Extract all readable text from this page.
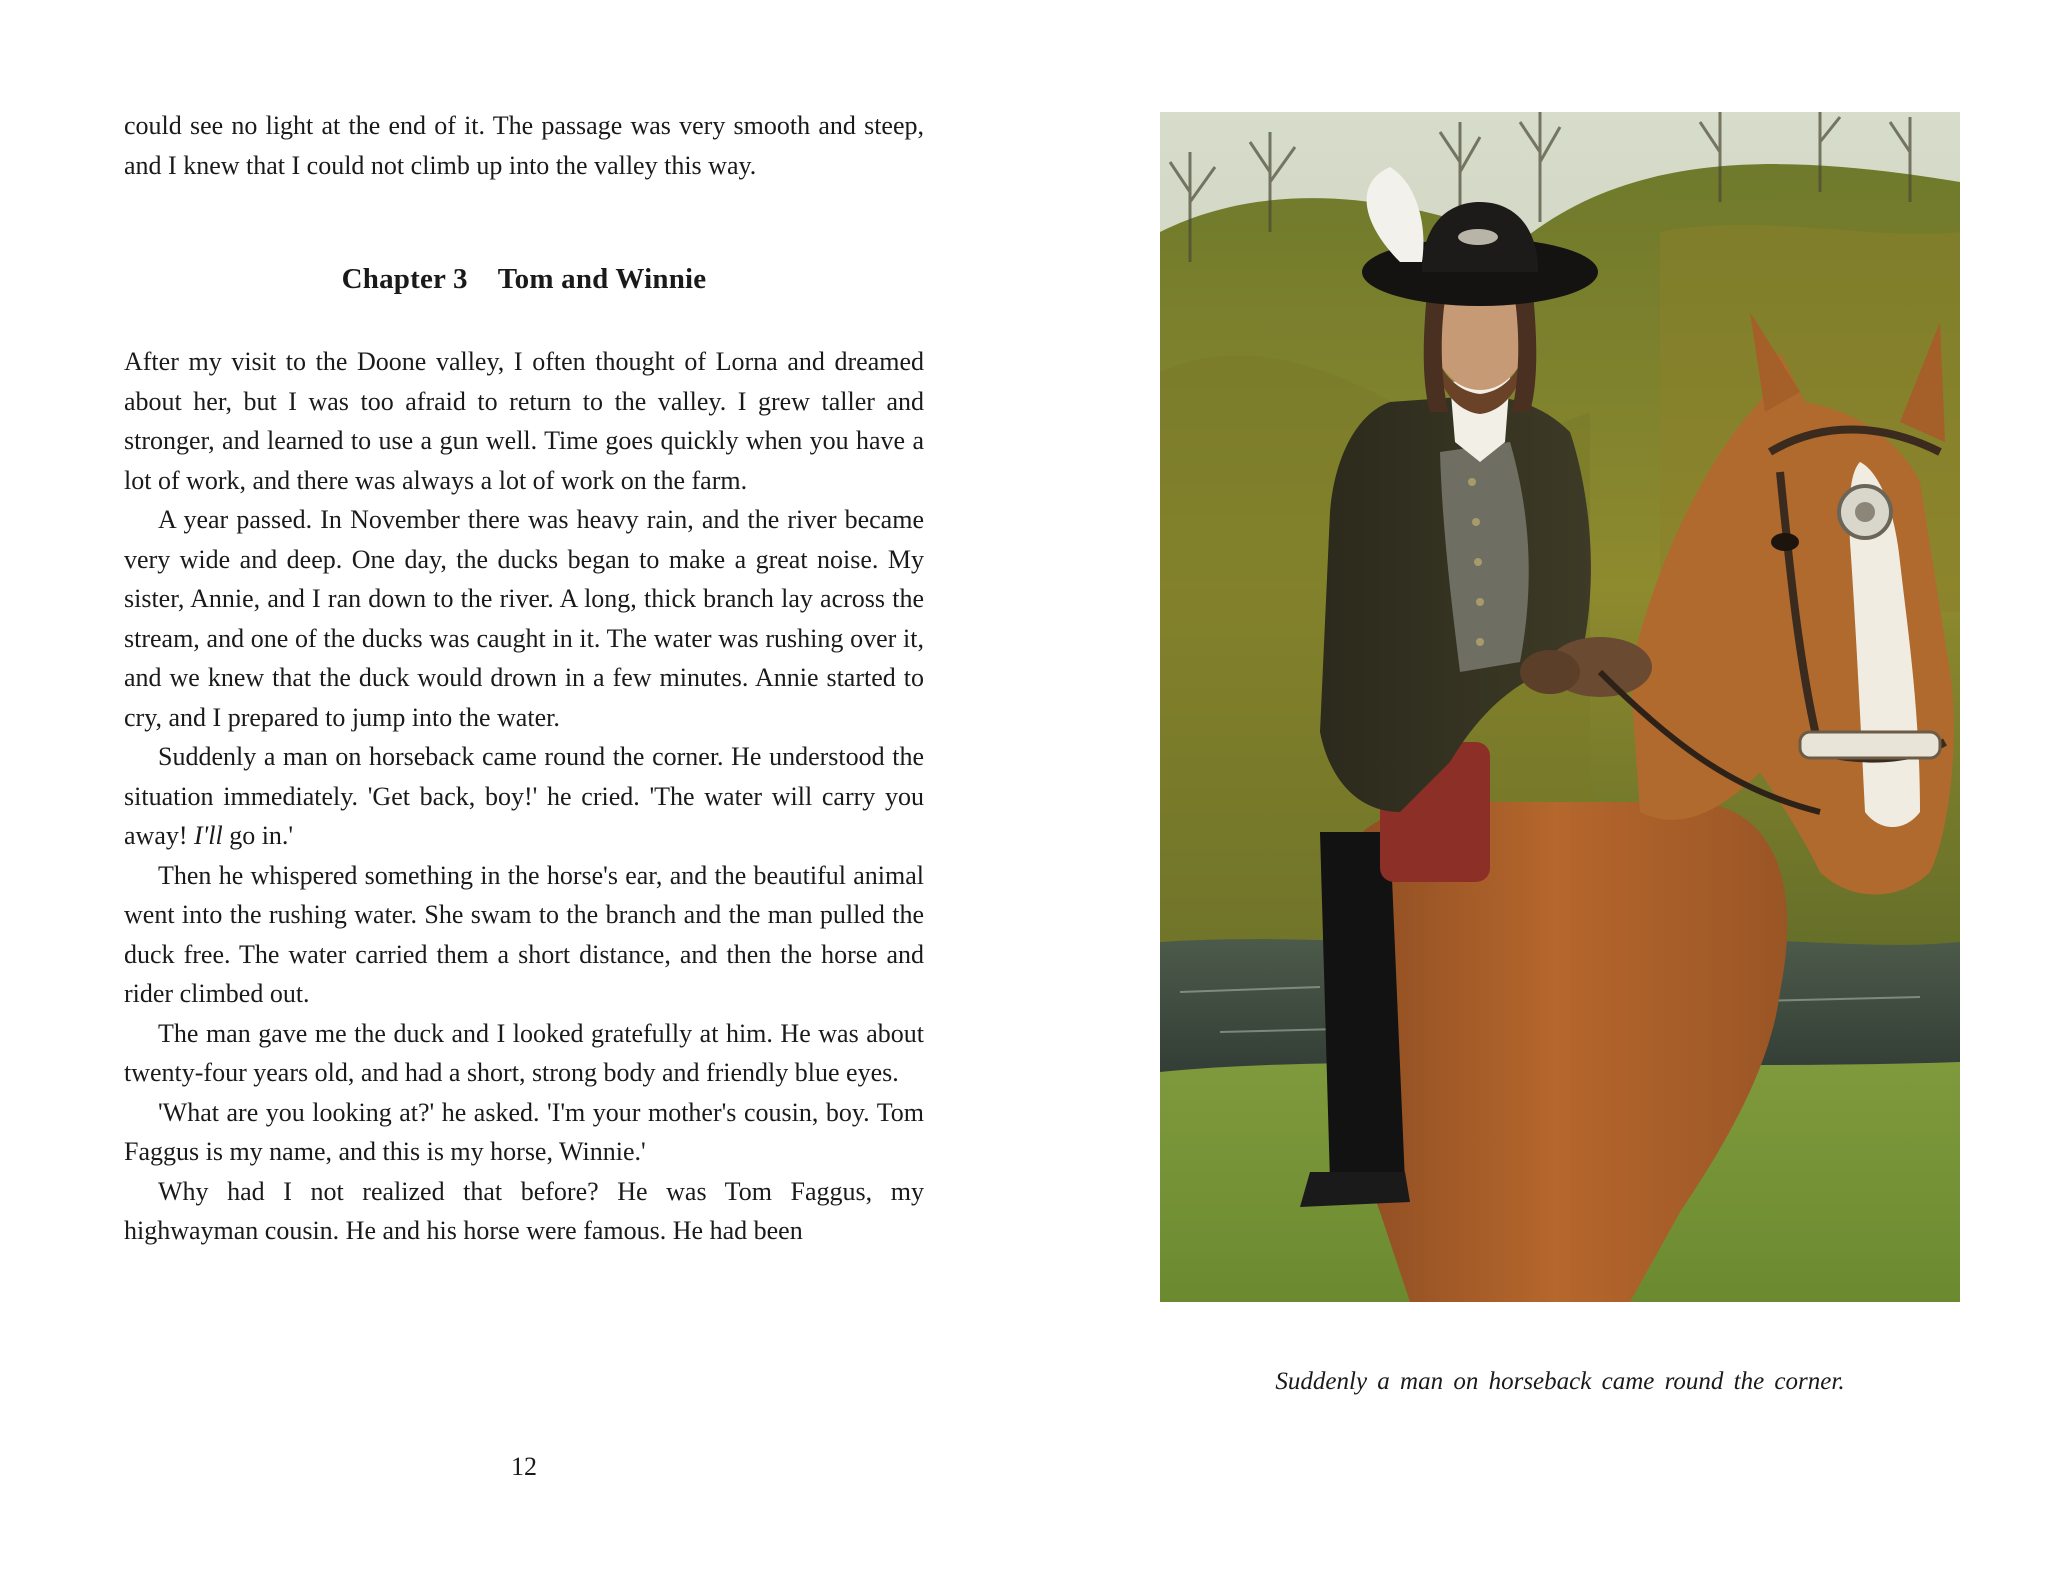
could see no light at the end of it. The passage was very smooth and steep, and I knew that I could not climb up into the valley this way.

Chapter 3 Tom and Winnie

After my visit to the Doone valley, I often thought of Lorna and dreamed about her, but I was too afraid to return to the valley. I grew taller and stronger, and learned to use a gun well. Time goes quickly when you have a lot of work, and there was always a lot of work on the farm.

A year passed. In November there was heavy rain, and the river became very wide and deep. One day, the ducks began to make a great noise. My sister, Annie, and I ran down to the river. A long, thick branch lay across the stream, and one of the ducks was caught in it. The water was rushing over it, and we knew that the duck would drown in a few minutes. Annie started to cry, and I prepared to jump into the water.

Suddenly a man on horseback came round the corner. He understood the situation immediately. 'Get back, boy!' he cried. 'The water will carry you away! I'll go in.'

Then he whispered something in the horse's ear, and the beautiful animal went into the rushing water. She swam to the branch and the man pulled the duck free. The water carried them a short distance, and then the horse and rider climbed out.

The man gave me the duck and I looked gratefully at him. He was about twenty-four years old, and had a short, strong body and friendly blue eyes.

'What are you looking at?' he asked. 'I'm your mother's cousin, boy. Tom Faggus is my name, and this is my horse, Winnie.'

Why had I not realized that before? He was Tom Faggus, my highwayman cousin. He and his horse were famous. He had been

12
Suddenly a man on horseback came round the corner.
